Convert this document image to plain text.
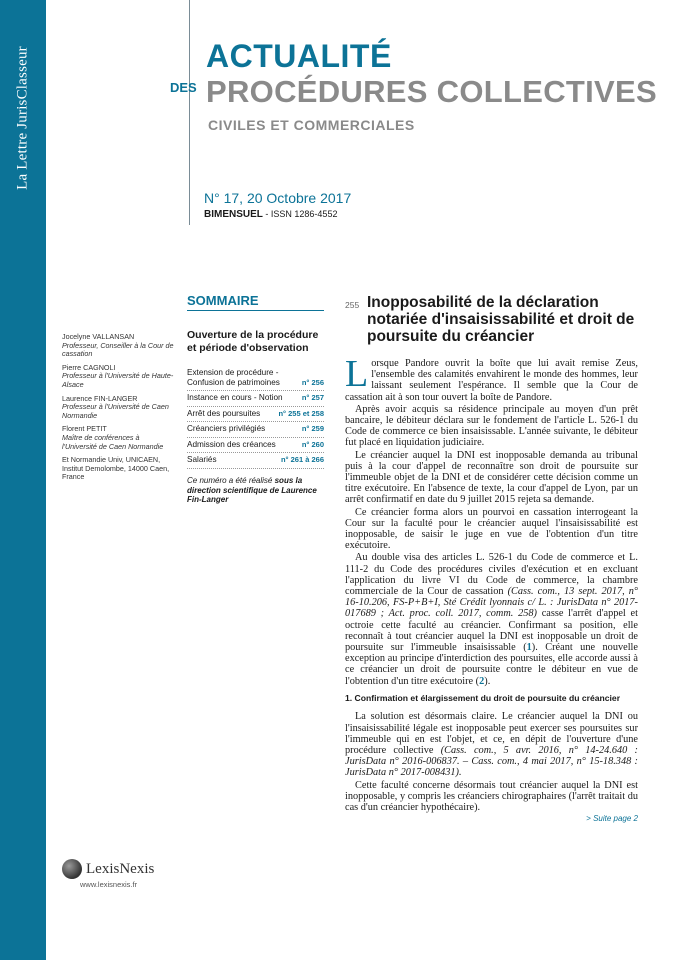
La Lettre JurisClasseur	ACTUALITÉ
DES PROCÉDURES COLLECTIVES
CIVILES ET COMMERCIALES
N° 17, 20 Octobre 2017
BIMENSUEL - ISSN 1286-4552
Jocelyne VALLANSAN
Professeur, Conseiller à la Cour de cassation
Pierre CAGNOLI
Professeur à l'Université de Haute-Alsace
Laurence FIN-LANGER
Professeur à l'Université de Caen Normandie
Florent PETIT
Maître de conférences à l'Université de Caen Normandie
Et Normandie Univ, UNICAEN, Institut Demolombe, 14000 Caen, France
SOMMAIRE
Ouverture de la procédure et période d'observation
Extension de procédure - Confusion de patrimoines	n° 256
Instance en cours - Notion	n° 257
Arrêt des poursuites n° 255 et 258
Créanciers privilégiés	n° 259
Admission des créances	n° 260
Salariés	n° 261 à 266
Ce numéro a été réalisé sous la direction scientifique de Laurence Fin-Langer
255 Inopposabilité de la déclaration notariée d'insaisissabilité et droit de poursuite du créancier

Lorsque Pandore ouvrit la boîte que lui avait remise Zeus, l'ensemble des calamités envahirent le monde des hommes, leur laissant seulement l'espérance. Il semble que la Cour de cassation ait à son tour ouvert la boîte de Pandore.

Après avoir acquis sa résidence principale au moyen d'un prêt bancaire, le débiteur déclara sur le fondement de l'article L. 526-1 du Code de commerce ce bien insaisissable. L'année suivante, le débiteur fut placé en liquidation judiciaire.

Le créancier auquel la DNI est inopposable demanda au tribunal puis à la cour d'appel de reconnaître son droit de poursuite sur l'immeuble objet de la DNI et de considérer cette décision comme un titre exécutoire. En l'absence de texte, la cour d'appel de Lyon, par un arrêt confirmatif en date du 9 juillet 2015 rejeta sa demande.

Ce créancier forma alors un pourvoi en cassation interrogeant la Cour sur la faculté pour le créancier auquel l'insaisissabilité est inopposable, de saisir le juge en vue de l'obtention d'un titre exécutoire.

Au double visa des articles L. 526-1 du Code de commerce et L. 111-2 du Code des procédures civiles d'exécution et en excluant l'application du livre VI du Code de commerce, la chambre commerciale de la Cour de cassation (Cass. com., 13 sept. 2017, n° 16-10.206, FS-P+B+I, Sté Crédit lyonnais c/ L. : JurisData n° 2017-017689 ; Act. proc. coll. 2017, comm. 258) casse l'arrêt d'appel et octroie cette faculté au créancier. Confirmant sa position, elle reconnaît à tout créancier auquel la DNI est inopposable un droit de poursuite sur l'immeuble insaisissable (1). Créant une nouvelle exception au principe d'interdiction des poursuites, elle accorde aussi à ce créancier un droit de poursuite contre le débiteur en vue de l'obtention d'un titre exécutoire (2).

1. Confirmation et élargissement du droit de poursuite du créancier

La solution est désormais claire. Le créancier auquel la DNI ou l'insaisissabilité légale est inopposable peut exercer ses poursuites sur l'immeuble qui en est l'objet, et ce, en dépit de l'ouverture d'une procédure collective (Cass. com., 5 avr. 2016, n° 14-24.640 : JurisData n° 2016-006837. – Cass. com., 4 mai 2017, n° 15-18.348 : JurisData n° 2017-008431).

Cette faculté concerne désormais tout créancier auquel la DNI est inopposable, y compris les créanciers chirographaires (l'arrêt traitait du cas d'un créancier hypothécaire).

> Suite page 2
LexisNexis
www.lexisnexis.fr
